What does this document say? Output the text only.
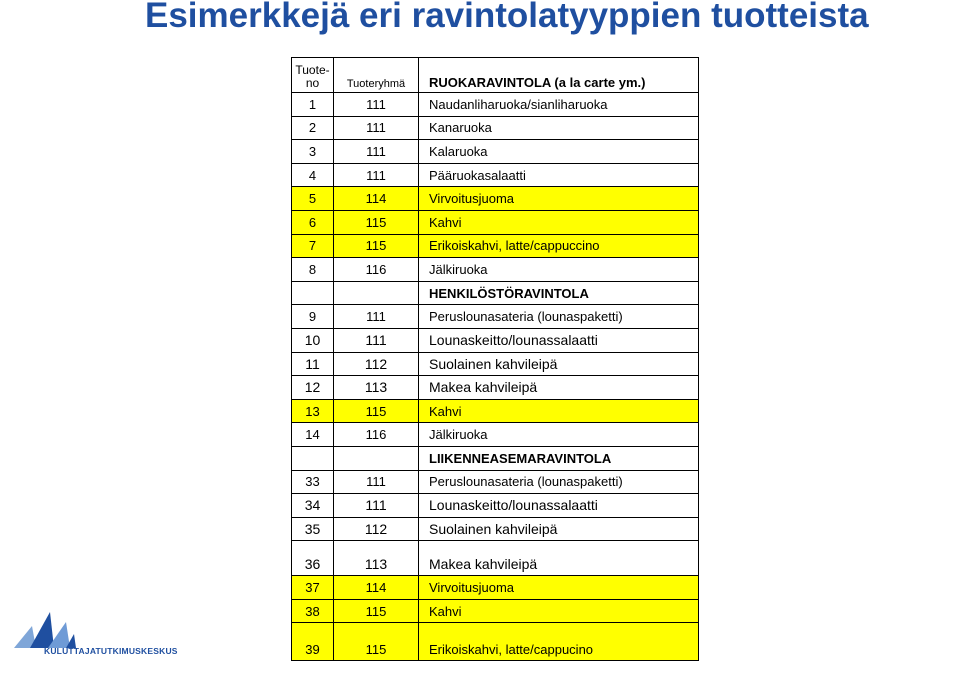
Esimerkkejä eri ravintolatyyppien tuotteista
Tuote-
no	Tuoteryhmä	RUOKARAVINTOLA (a la carte ym.)
1	111	Naudanliharuoka/sianliharuoka
2	111	Kanaruoka
3	111	Kalaruoka
4	111	Pääruokasalaatti
5	114	Virvoitusjuoma
6	115	Kahvi
7	115	Erikoiskahvi, latte/cappuccino
8	116	Jälkiruoka
		HENKILÖSTÖRAVINTOLA
9	111	Peruslounasateria (lounaspaketti)
10	111	Lounaskeitto/lounassalaatti
11	112	Suolainen kahvileipä
12	113	Makea kahvileipä
13	115	Kahvi
14	116	Jälkiruoka
		LIIKENNEASEMARAVINTOLA
33	111	Peruslounasateria (lounaspaketti)
34	111	Lounaskeitto/lounassalaatti
35	112	Suolainen kahvileipä
36	113	Makea kahvileipä
37	114	Virvoitusjuoma
38	115	Kahvi
39	115	Erikoiskahvi, latte/cappucino
KULUTTAJATUTKIMUSKESKUS
